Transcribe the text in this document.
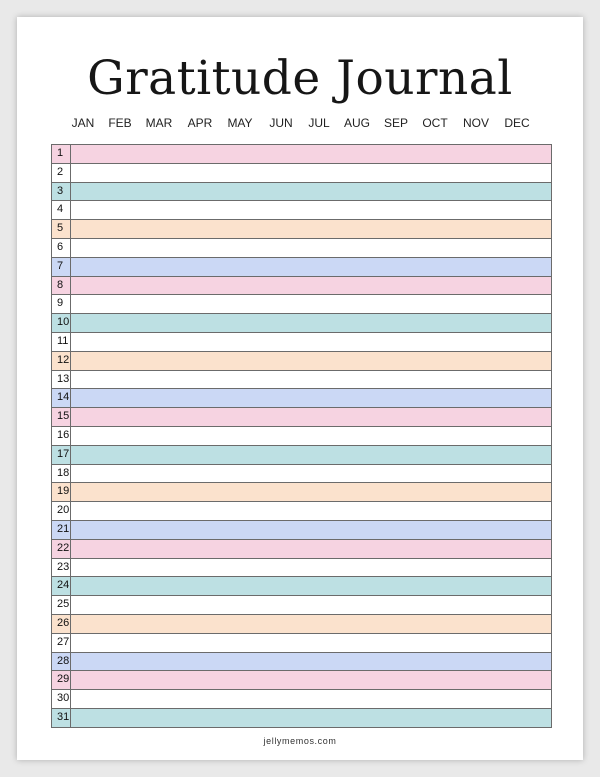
Gratitude Journal
JAN FEB MAR APR MAY JUN JUL AUG SEP OCT NOV DEC
1
2
3
4
5
6
7
8
9
10
11
12
13
14
15
16
17
18
19
20
21
22
23
24
25
26
27
28
29
30
31
jellymemos.com
